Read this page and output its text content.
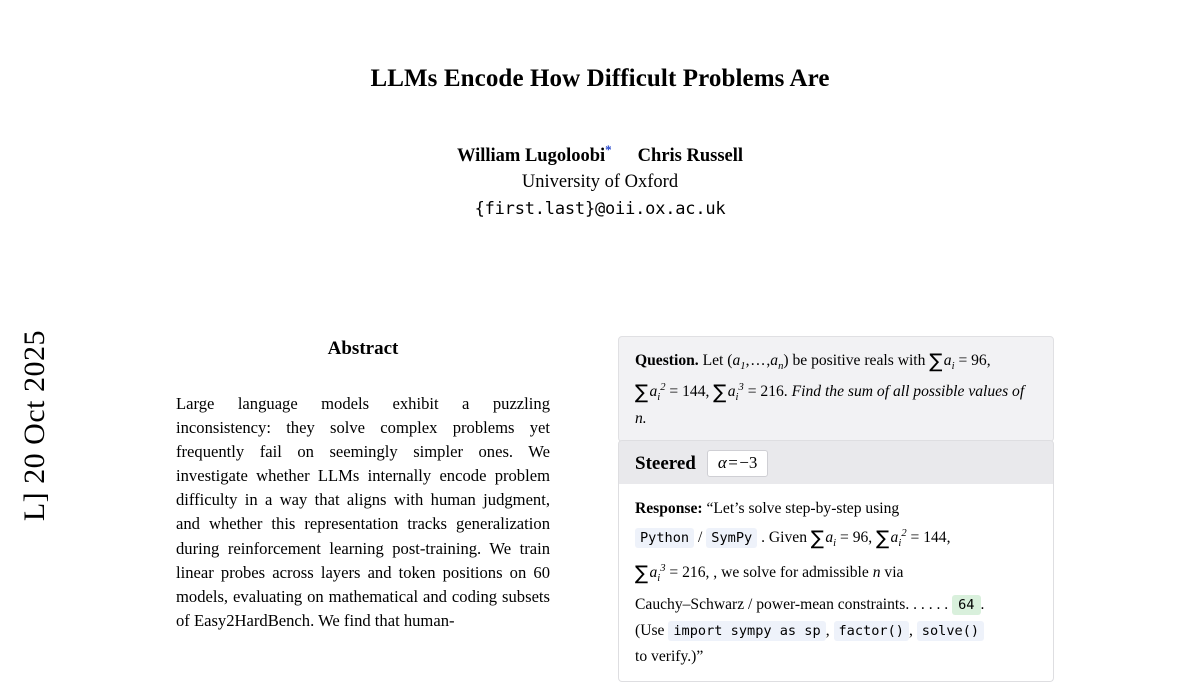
L] 20 Oct 2025
LLMs Encode How Difficult Problems Are
William Lugoloobi* Chris Russell
University of Oxford
{first.last}@oii.ox.ac.uk
Abstract
Large language models exhibit a puzzling inconsistency: they solve complex problems yet frequently fail on seemingly simpler ones. We investigate whether LLMs internally encode problem difficulty in a way that aligns with human judgment, and whether this representation tracks generalization during reinforcement learning post-training. We train linear probes across layers and token positions on 60 models, evaluating on mathematical and coding subsets of Easy2HardBench. We find that human-
Question. Let ($a_1$, . . . $,a_n$) be positive reals with ∑ $a_i = 96$, ∑ $a_i^2 = 144$, ∑ $a_i^3 = 216$. Find the sum of all possible values of n.
Steered	α = −3
Response: “Let’s solve step-by-step using
Python / SymPy . Given ∑ $a_i = 96$, ∑ $a_i^2 = 144$,
∑ $a_i^3 = 216$, , we solve for admissible n via
Cauchy–Schwarz / power-mean constraints. . . . . . 64 .
(Use import sympy as sp , factor() , solve()
to verify.)”
